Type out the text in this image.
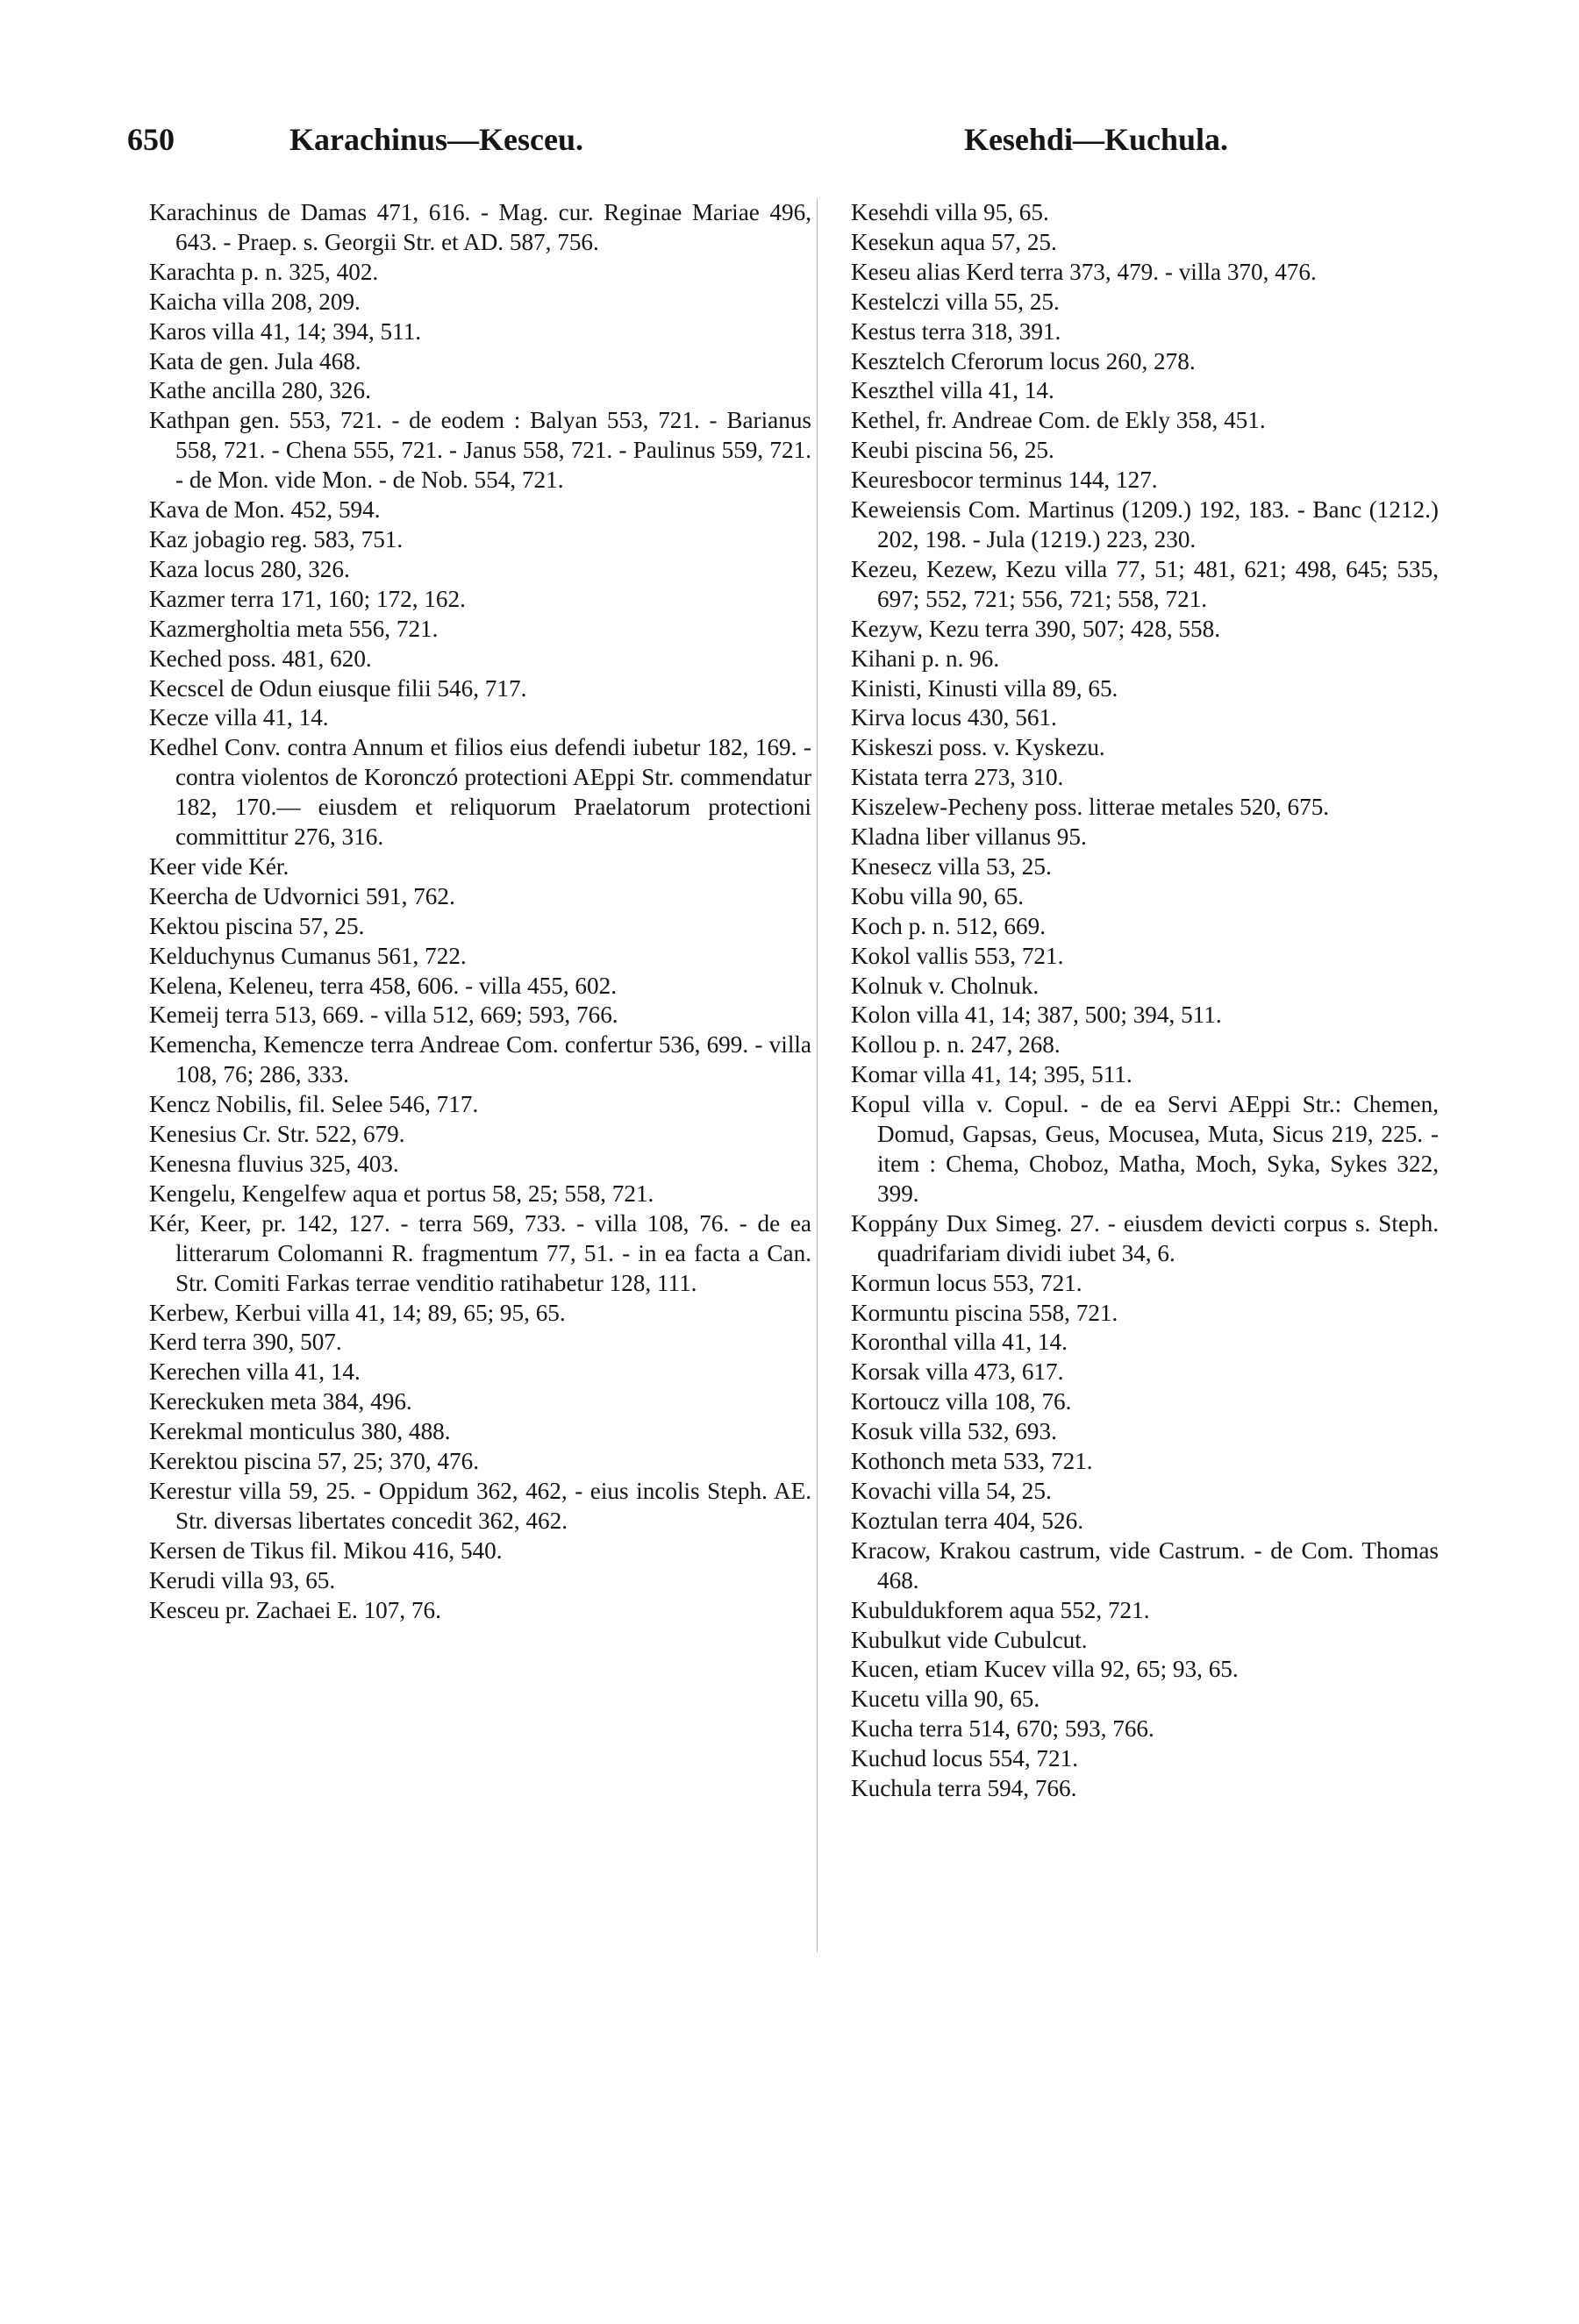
650	Karachinus—Kesceu.	Kesehdi—Kuchula.

Karachinus de Damas 471, 616. - Mag. cur. Reginae Mariae 496, 643. - Praep. s. Georgii Str. et AD. 587, 756.

Karachta p. n. 325, 402.

Kaicha villa 208, 209.

Karos villa 41, 14; 394, 511.

Kata de gen. Jula 468.

Kathe ancilla 280, 326.

Kathpan gen. 553, 721. - de eodem : Balyan 553, 721. - Barianus 558, 721. - Chena 555, 721. - Janus 558, 721. - Paulinus 559, 721. - de Mon. vide Mon. - de Nob. 554, 721.

Kava de Mon. 452, 594.

Kaz jobagio reg. 583, 751.

Kaza locus 280, 326.

Kazmer terra 171, 160; 172, 162.

Kazmergholtia meta 556, 721.

Keched poss. 481, 620.

Kecscel de Odun eiusque filii 546, 717.

Kecze villa 41, 14.

Kedhel Conv. contra Annum et filios eius defendi iubetur 182, 169. - contra violentos de Koronczó protectioni AEppi Str. commendatur 182, 170.— eiusdem et reliquorum Praelatorum protectioni committitur 276, 316.

Keer vide Kér.

Keercha de Udvornici 591, 762.

Kektou piscina 57, 25.

Kelduchynus Cumanus 561, 722.

Kelena, Keleneu, terra 458, 606. - villa 455, 602.

Kemeij terra 513, 669. - villa 512, 669; 593, 766.

Kemencha, Kemencze terra Andreae Com. confertur 536, 699. - villa 108, 76; 286, 333.

Kencz Nobilis, fil. Selee 546, 717.

Kenesius Cr. Str. 522, 679.

Kenesna fluvius 325, 403.

Kengelu, Kengelfew aqua et portus 58, 25; 558, 721.

Kér, Keer, pr. 142, 127. - terra 569, 733. - villa 108, 76. - de ea litterarum Colomanni R. fragmentum 77, 51. - in ea facta a Can. Str. Comiti Farkas terrae venditio ratihabetur 128, 111.

Kerbew, Kerbui villa 41, 14; 89, 65; 95, 65.

Kerd terra 390, 507.

Kerechen villa 41, 14.

Kereckuken meta 384, 496.

Kerekmal monticulus 380, 488.

Kerektou piscina 57, 25; 370, 476.

Kerestur villa 59, 25. - Oppidum 362, 462, - eius incolis Steph. AE. Str. diversas libertates concedit 362, 462.

Kersen de Tikus fil. Mikou 416, 540.

Kerudi villa 93, 65.

Kesceu pr. Zachaei E. 107, 76.

Kesehdi villa 95, 65.

Kesekun aqua 57, 25.

Keseu alias Kerd terra 373, 479. - villa 370, 476.

Kestelczi villa 55, 25.

Kestus terra 318, 391.

Kesztelch Cferorum locus 260, 278.

Keszthel villa 41, 14.

Kethel, fr. Andreae Com. de Ekly 358, 451.

Keubi piscina 56, 25.

Keuresbocor terminus 144, 127.

Keweiensis Com. Martinus (1209.) 192, 183. - Banc (1212.) 202, 198. - Jula (1219.) 223, 230.

Kezeu, Kezew, Kezu villa 77, 51; 481, 621; 498, 645; 535, 697; 552, 721; 556, 721; 558, 721.

Kezyw, Kezu terra 390, 507; 428, 558.

Kihani p. n. 96.

Kinisti, Kinusti villa 89, 65.

Kirva locus 430, 561.

Kiskeszi poss. v. Kyskezu.

Kistata terra 273, 310.

Kiszelew-Pecheny poss. litterae metales 520, 675.

Kladna liber villanus 95.

Knesecz villa 53, 25.

Kobu villa 90, 65.

Koch p. n. 512, 669.

Kokol vallis 553, 721.

Kolnuk v. Cholnuk.

Kolon villa 41, 14; 387, 500; 394, 511.

Kollou p. n. 247, 268.

Komar villa 41, 14; 395, 511.

Kopul villa v. Copul. - de ea Servi AEppi Str.: Chemen, Domud, Gapsas, Geus, Mocusea, Muta, Sicus 219, 225. - item : Chema, Choboz, Matha, Moch, Syka, Sykes 322, 399.

Koppány Dux Simeg. 27. - eiusdem devicti corpus s. Steph. quadrifariam dividi iubet 34, 6.

Kormun locus 553, 721.

Kormuntu piscina 558, 721.

Koronthal villa 41, 14.

Korsak villa 473, 617.

Kortoucz villa 108, 76.

Kosuk villa 532, 693.

Kothonch meta 533, 721.

Kovachi villa 54, 25.

Koztulan terra 404, 526.

Kracow, Krakou castrum, vide Castrum. - de Com. Thomas 468.

Kubuldukforem aqua 552, 721.

Kubulkut vide Cubulcut.

Kucen, etiam Kucev villa 92, 65; 93, 65.

Kucetu villa 90, 65.

Kucha terra 514, 670; 593, 766.

Kuchud locus 554, 721.

Kuchula terra 594, 766.
